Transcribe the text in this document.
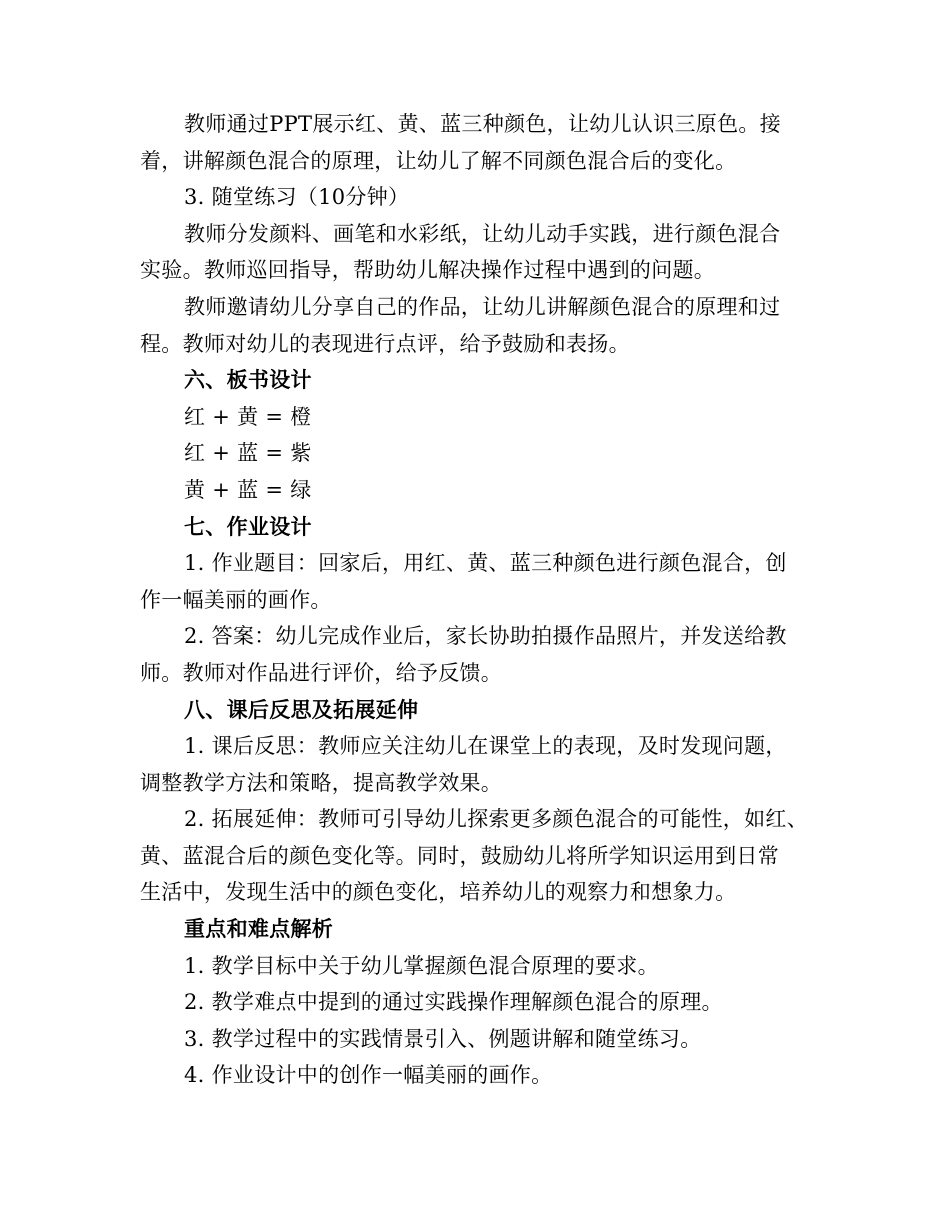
教师通过PPT展示红、黄、蓝三种颜色，让幼儿认识三原色。接
着，讲解颜色混合的原理，让幼儿了解不同颜色混合后的变化。
3. 随堂练习（10分钟）
教师分发颜料、画笔和水彩纸，让幼儿动手实践，进行颜色混合
实验。教师巡回指导，帮助幼儿解决操作过程中遇到的问题。
教师邀请幼儿分享自己的作品，让幼儿讲解颜色混合的原理和过
程。教师对幼儿的表现进行点评，给予鼓励和表扬。
六、板书设计
红 + 黄 = 橙
红 + 蓝 = 紫
黄 + 蓝 = 绿
七、作业设计
1. 作业题目：回家后，用红、黄、蓝三种颜色进行颜色混合，创
作一幅美丽的画作。
2. 答案：幼儿完成作业后，家长协助拍摄作品照片，并发送给教
师。教师对作品进行评价，给予反馈。
八、课后反思及拓展延伸
1. 课后反思：教师应关注幼儿在课堂上的表现，及时发现问题，
调整教学方法和策略，提高教学效果。
2. 拓展延伸：教师可引导幼儿探索更多颜色混合的可能性，如红、
黄、蓝混合后的颜色变化等。同时，鼓励幼儿将所学知识运用到日常
生活中，发现生活中的颜色变化，培养幼儿的观察力和想象力。
重点和难点解析
1. 教学目标中关于幼儿掌握颜色混合原理的要求。
2. 教学难点中提到的通过实践操作理解颜色混合的原理。
3. 教学过程中的实践情景引入、例题讲解和随堂练习。
4. 作业设计中的创作一幅美丽的画作。
